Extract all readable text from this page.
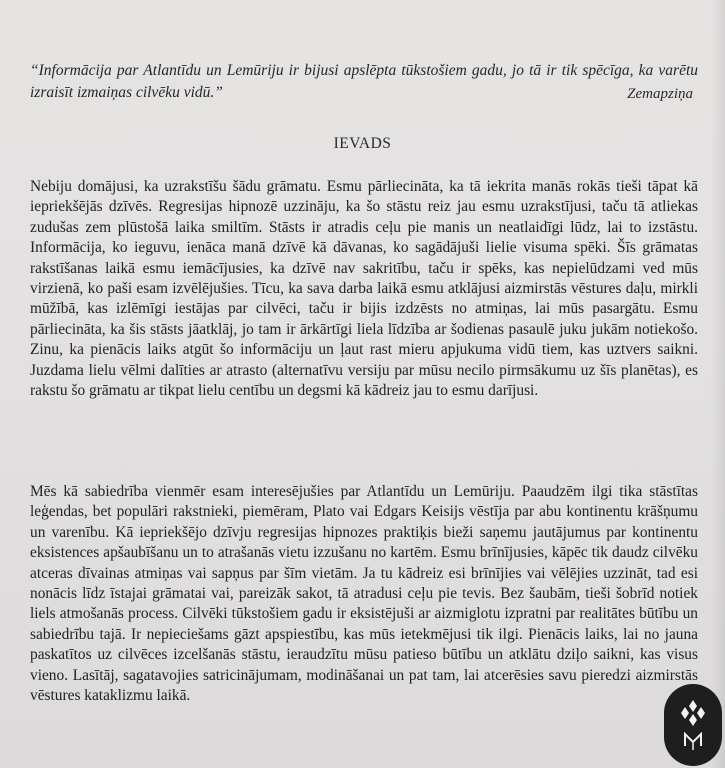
“Informācija par Atlantīdu un Lemūriju ir bijusi apslēpta tūkstošiem gadu, jo tā ir tik spēcīga, ka varētu izraisīt izmaiņas cilvēku vidū.”	Zemapziņa
IEVADS
Nebiju domājusi, ka uzrakstīšu šādu grāmatu. Esmu pārliecināta, ka tā iekrita manās rokās tieši tāpat kā iepriekšējās dzīvēs. Regresijas hipnozē uzzināju, ka šo stāstu reiz jau esmu uzrakstījusi, taču tā atliekas zudušas zem plūstošā laika smiltīm. Stāsts ir atradis ceļu pie manis un neatlaidīgi lūdz, lai to izstāstu. Informācija, ko ieguvu, ienāca manā dzīvē kā dāvanas, ko sagādājuši lielie visuma spēki. Šīs grāmatas rakstīšanas laikā esmu iemācījusies, ka dzīvē nav sakritību, taču ir spēks, kas nepielūdzami ved mūs virzienā, ko paši esam izvēlējušies. Tīcu, ka sava darba laikā esmu atklājusi aizmirstās vēstures daļu, mirkli mūžībā, kas izlēmīgi iestājas par cilvēci, taču ir bijis izdzēsts no atmiņas, lai mūs pasargātu. Esmu pārliecināta, ka šis stāsts jāatklāj, jo tam ir ārkārtīgi liela līdzība ar šodienas pasaulē juku jukām notiekošo. Zinu, ka pienācis laiks atgūt šo informāciju un ļaut rast mieru apjukuma vidū tiem, kas uztvers saikni. Juzdama lielu vēlmi dalīties ar atrasto (alternatīvu versiju par mūsu necilo pirmsākumu uz šīs planētas), es rakstu šo grāmatu ar tikpat lielu centību un degsmi kā kādreiz jau to esmu darījusi.
Mēs kā sabiedrība vienmēr esam interesējušies par Atlantīdu un Lemūriju. Paaudzēm ilgi tika stāstītas leģendas, bet populāri rakstnieki, piemēram, Plato vai Edgars Keisijs vēstīja par abu kontinentu krāšņumu un varenību. Kā iepriekšējo dzīvju regresijas hipnozes praktiķis bieži saņemu jautājumus par kontinentu eksistences apšaubīšanu un to atrašanās vietu izzušanu no kartēm. Esmu brīnījusies, kāpēc tik daudz cilvēku atceras dīvainas atmiņas vai sapņus par šīm vietām. Ja tu kādreiz esi brīnījies vai vēlējies uzzināt, tad esi nonācis līdz īstajai grāmatai vai, pareizāk sakot, tā atradusi ceļu pie tevis. Bez šaubām, tieši šobrīd notiek liels atmošanās process. Cilvēki tūkstošiem gadu ir eksistējuši ar aizmiglotu izpratni par realitātes būtību un sabiedrību tajā. Ir nepieciešams gāzt apspiestību, kas mūs ietekmējusi tik ilgi. Pienācis laiks, lai no jauna paskatītos uz cilvēces izcelšanās stāstu, ieraudzītu mūsu patieso būtību un atklātu dziļo saikni, kas visus vieno. Lasītāj, sagatavojies satricinājumam, modināšanai un pat tam, lai atcerēsies savu pieredzi aizmirstās vēstures kataklizmu laikā.
